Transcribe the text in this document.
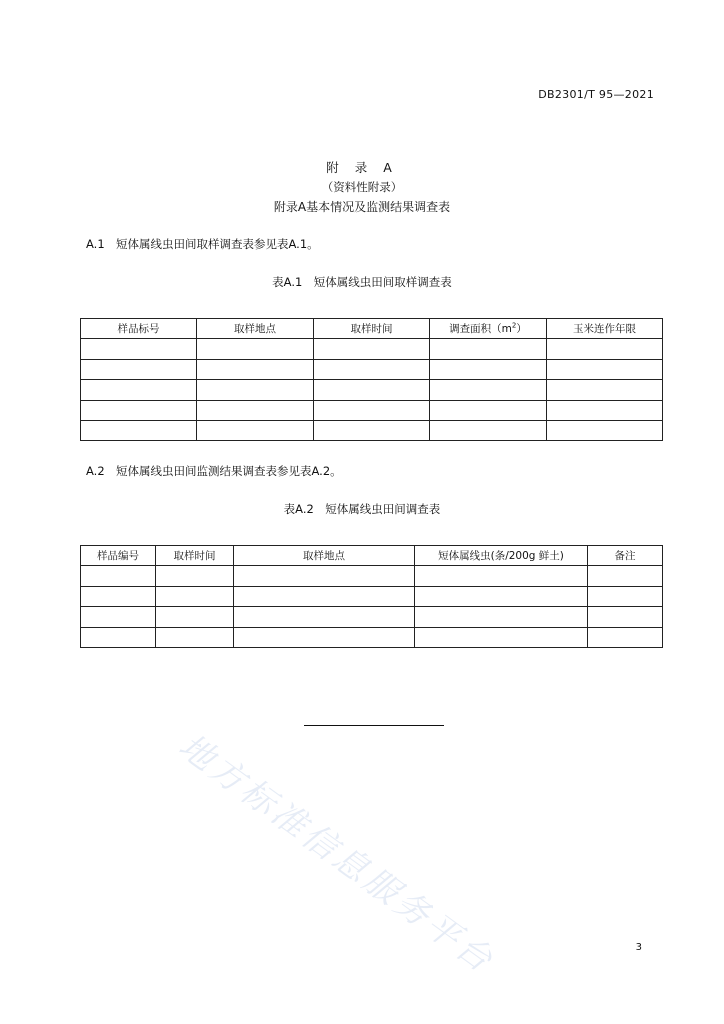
DB2301/T 95—2021
附 录 A
（资料性附录）
附录A基本情况及监测结果调查表
A.1 短体属线虫田间取样调查表参见表A.1。
表A.1　短体属线虫田间取样调查表
样品标号	取样地点	取样时间	调查面积$(m^2)$	玉米连作年限

A.2 短体属线虫田间监测结果调查表参见表A.2。
表A.2　短体属线虫田间调查表
样品编号	取样时间	取样地点	短体属线虫(条/200g 鲜土)	备注

地方标准信息服务平台	3
